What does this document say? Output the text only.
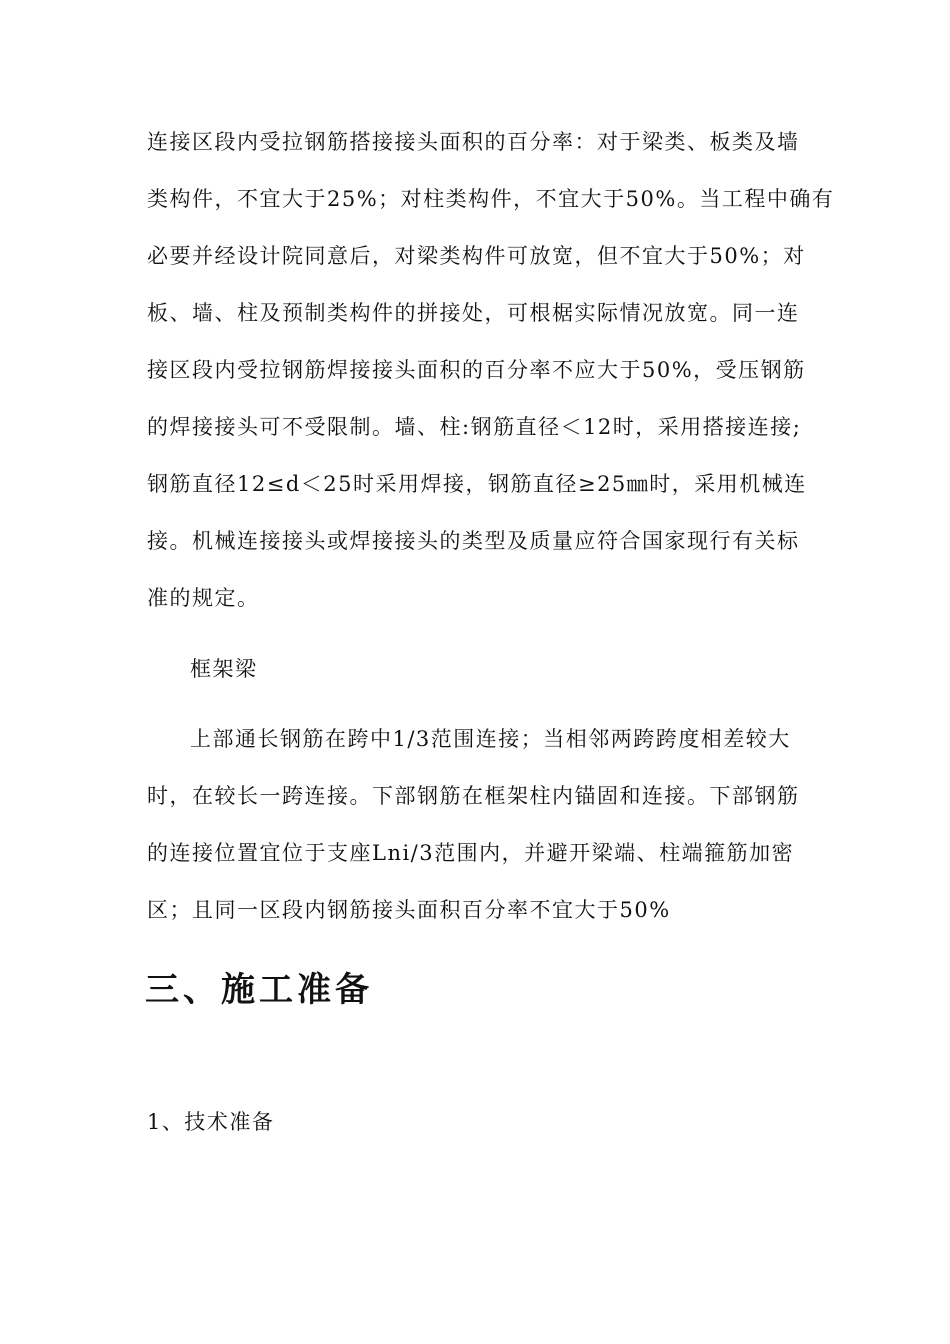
连接区段内受拉钢筋搭接接头面积的百分率：对于梁类、板类及墙
类构件，不宜大于25%；对柱类构件，不宜大于50%。当工程中确有
必要并经设计院同意后，对梁类构件可放宽，但不宜大于50%；对
板、墙、柱及预制类构件的拼接处，可根椐实际情况放宽。同一连
接区段内受拉钢筋焊接接头面积的百分率不应大于50%，受压钢筋
的焊接接头可不受限制。墙、柱:钢筋直径＜12时，采用搭接连接;
钢筋直径12≤d＜25时采用焊接，钢筋直径≥25㎜时，采用机械连
接。机械连接接头或焊接接头的类型及质量应符合国家现行有关标
准的规定。
框架梁
上部通长钢筋在跨中1/3范围连接；当相邻两跨跨度相差较大
时，在较长一跨连接。下部钢筋在框架柱内锚固和连接。下部钢筋
的连接位置宜位于支座Lni/3范围内，并避开梁端、柱端箍筋加密
区；且同一区段内钢筋接头面积百分率不宜大于50%
三、施工准备
1、技术准备
